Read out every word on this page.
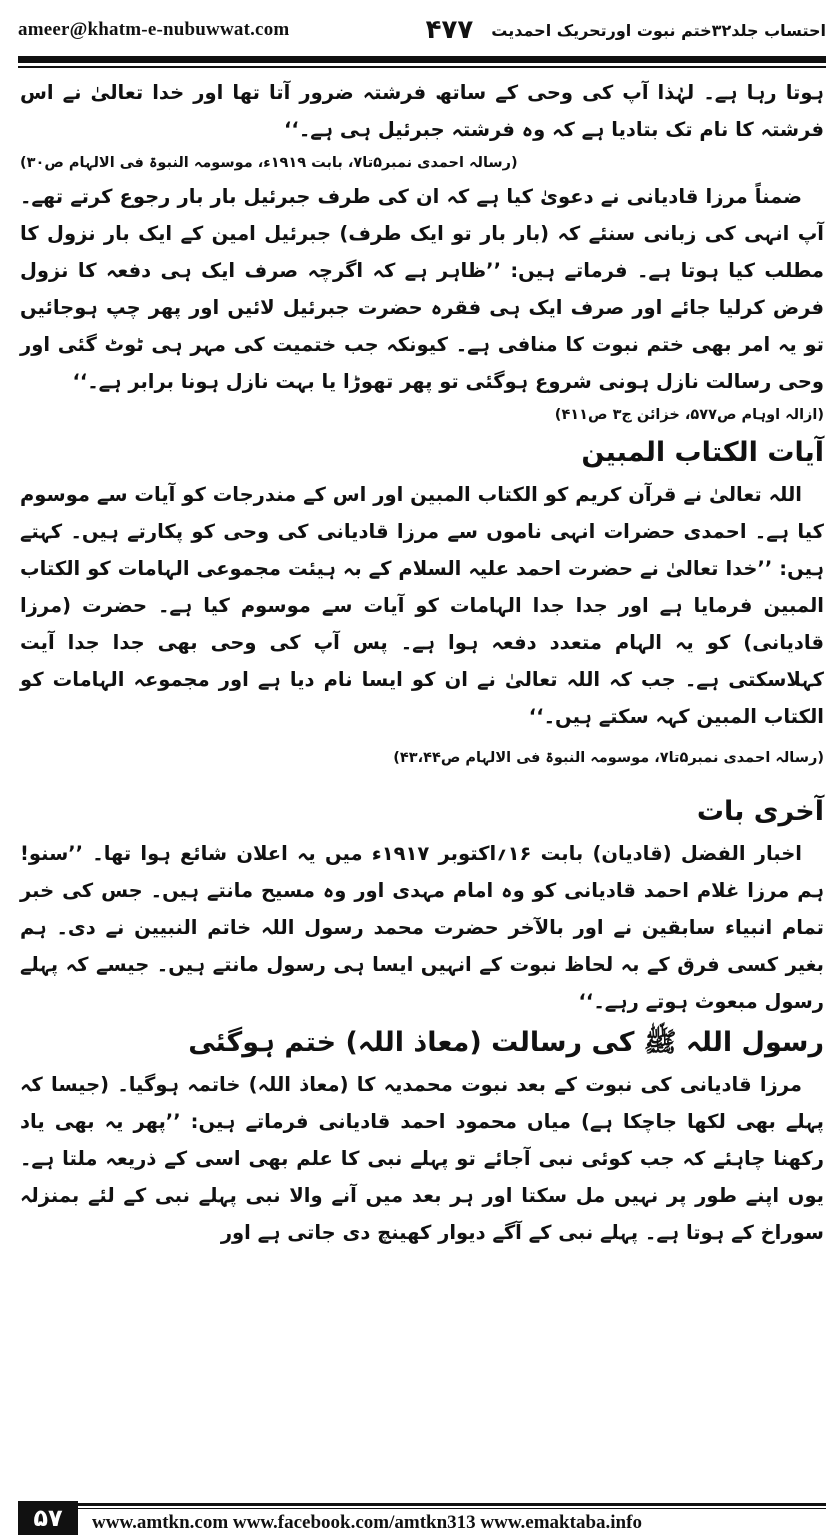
ameer@khatm-e-nubuwwat.com	احتساب جلد۳۲ختم نبوت اورتحریک احمدیت
۴۷۷

ہوتا رہا ہے۔ لہٰذا آپ کی وحی کے ساتھ فرشتہ ضرور آتا تھا اور خدا تعالیٰ نے اس فرشتہ کا نام تک بتادیا ہے کہ وہ فرشتہ جبرئیل ہی ہے۔‘‘

(رسالہ احمدی نمبر۵تا۷، بابت ۱۹۱۹ء، موسومہ النبوۃ فی الالہام ص۳۰)

ضمناً مرزا قادیانی نے دعویٰ کیا ہے کہ ان کی طرف جبرئیل بار بار رجوع کرتے تھے۔ آپ انہی کی زبانی سنئے کہ (بار بار تو ایک طرف) جبرئیل امین کے ایک بار نزول کا مطلب کیا ہوتا ہے۔ فرماتے ہیں: ’’ظاہر ہے کہ اگرچہ صرف ایک ہی دفعہ کا نزول فرض کرلیا جائے اور صرف ایک ہی فقرہ حضرت جبرئیل لائیں اور پھر چپ ہوجائیں تو یہ امر بھی ختم نبوت کا منافی ہے۔ کیونکہ جب ختمیت کی مہر ہی ٹوٹ گئی اور وحی رسالت نازل ہونی شروع ہوگئی تو پھر تھوڑا یا بہت نازل ہونا برابر ہے۔‘‘

(ازالہ اوہام ص۵۷۷، خزائن ج۳ ص۴۱۱)

آیات الکتاب المبین

اللہ تعالیٰ نے قرآن کریم کو الکتاب المبین اور اس کے مندرجات کو آیات سے موسوم کیا ہے۔ احمدی حضرات انہی ناموں سے مرزا قادیانی کی وحی کو پکارتے ہیں۔ کہتے ہیں: ’’خدا تعالیٰ نے حضرت احمد علیہ السلام کے بہ ہیئت مجموعی الہامات کو الکتاب المبین فرمایا ہے اور جدا جدا الہامات کو آیات سے موسوم کیا ہے۔ حضرت (مرزا قادیانی) کو یہ الہام متعدد دفعہ ہوا ہے۔ پس آپ کی وحی بھی جدا جدا آیت کہلاسکتی ہے۔ جب کہ اللہ تعالیٰ نے ان کو ایسا نام دیا ہے اور مجموعہ الہامات کو الکتاب المبین کہہ سکتے ہیں۔‘‘

(رسالہ احمدی نمبر۵تا۷، موسومہ النبوۃ فی الالہام ص۴۳،۴۴)

آخری بات

اخبار الفضل (قادیان) بابت ۱۶؍اکتوبر ۱۹۱۷ء میں یہ اعلان شائع ہوا تھا۔ ’’سنو! ہم مرزا غلام احمد قادیانی کو وہ امام مہدی اور وہ مسیح مانتے ہیں۔ جس کی خبر تمام انبیاء سابقین نے اور بالآخر حضرت محمد رسول اللہ خاتم النبیین نے دی۔ ہم بغیر کسی فرق کے بہ لحاظ نبوت کے انہیں ایسا ہی رسول مانتے ہیں۔ جیسے کہ پہلے رسول مبعوث ہوتے رہے۔‘‘

رسول اللہ ﷺ کی رسالت (معاذ اللہ) ختم ہوگئی

مرزا قادیانی کی نبوت کے بعد نبوت محمدیہ کا (معاذ اللہ) خاتمہ ہوگیا۔ (جیسا کہ پہلے بھی لکھا جاچکا ہے) میاں محمود احمد قادیانی فرماتے ہیں: ’’پھر یہ بھی یاد رکھنا چاہئے کہ جب کوئی نبی آجائے تو پہلے نبی کا علم بھی اسی کے ذریعہ ملتا ہے۔ یوں اپنے طور پر نہیں مل سکتا اور ہر بعد میں آنے والا نبی پہلے نبی کے لئے بمنزلہ سوراخ کے ہوتا ہے۔ پہلے نبی کے آگے دیوار کھینچ دی جاتی ہے اور

۵۷	www.amtkn.com www.facebook.com/amtkn313 www.emaktaba.info
